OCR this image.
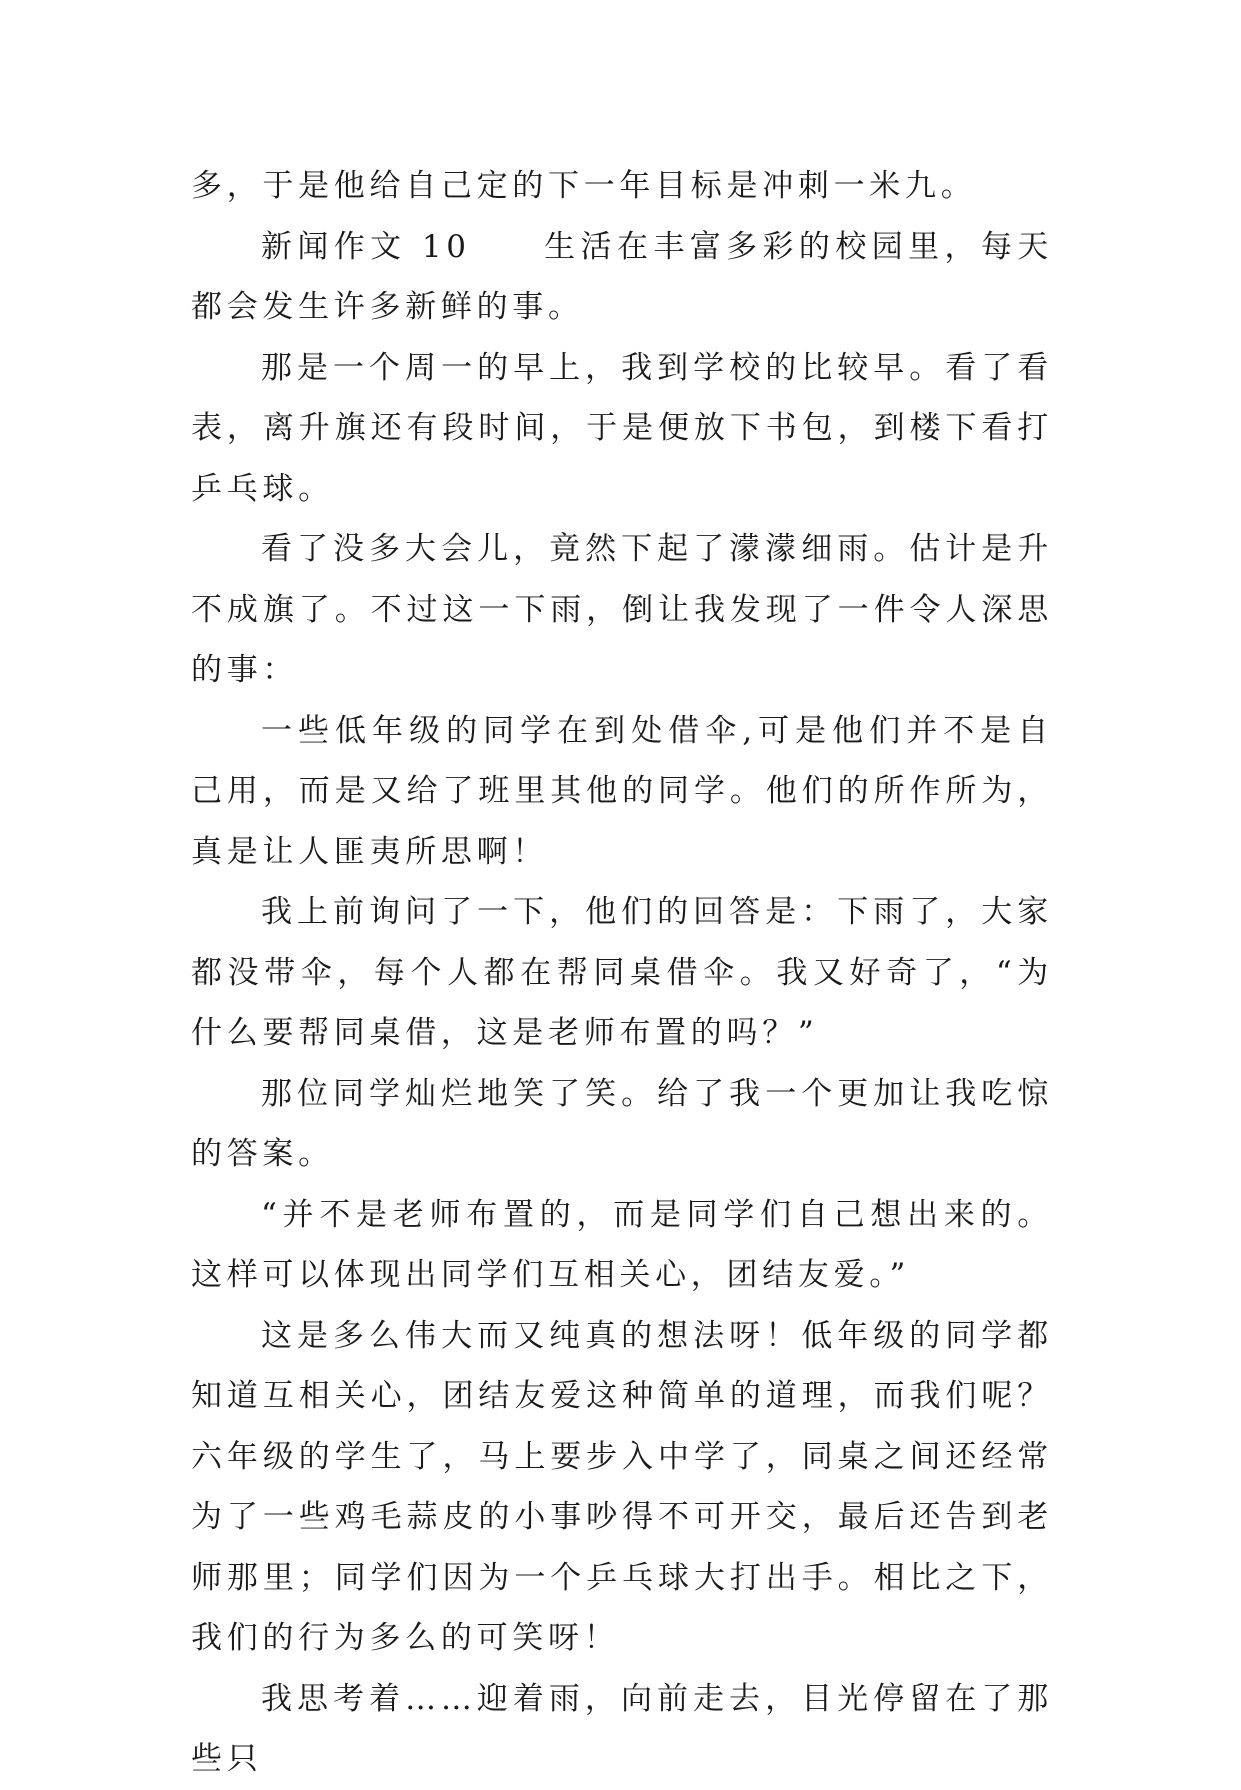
多，于是他给自己定的下一年目标是冲刺一米九。

新闻作文 10　　生活在丰富多彩的校园里，每天都会发生许多新鲜的事。

那是一个周一的早上，我到学校的比较早。看了看表，离升旗还有段时间，于是便放下书包，到楼下看打乒乓球。

看了没多大会儿，竟然下起了濛濛细雨。估计是升不成旗了。不过这一下雨，倒让我发现了一件令人深思的事：

一些低年级的同学在到处借伞,可是他们并不是自己用，而是又给了班里其他的同学。他们的所作所为，真是让人匪夷所思啊！

我上前询问了一下，他们的回答是：下雨了，大家都没带伞，每个人都在帮同桌借伞。我又好奇了，“为什么要帮同桌借，这是老师布置的吗？”

那位同学灿烂地笑了笑。给了我一个更加让我吃惊的答案。

“并不是老师布置的，而是同学们自己想出来的。这样可以体现出同学们互相关心，团结友爱。”

这是多么伟大而又纯真的想法呀！低年级的同学都知道互相关心，团结友爱这种简单的道理，而我们呢？六年级的学生了，马上要步入中学了，同桌之间还经常为了一些鸡毛蒜皮的小事吵得不可开交，最后还告到老师那里；同学们因为一个乒乓球大打出手。相比之下，我们的行为多么的可笑呀！

我思考着……迎着雨，向前走去，目光停留在了那些只
